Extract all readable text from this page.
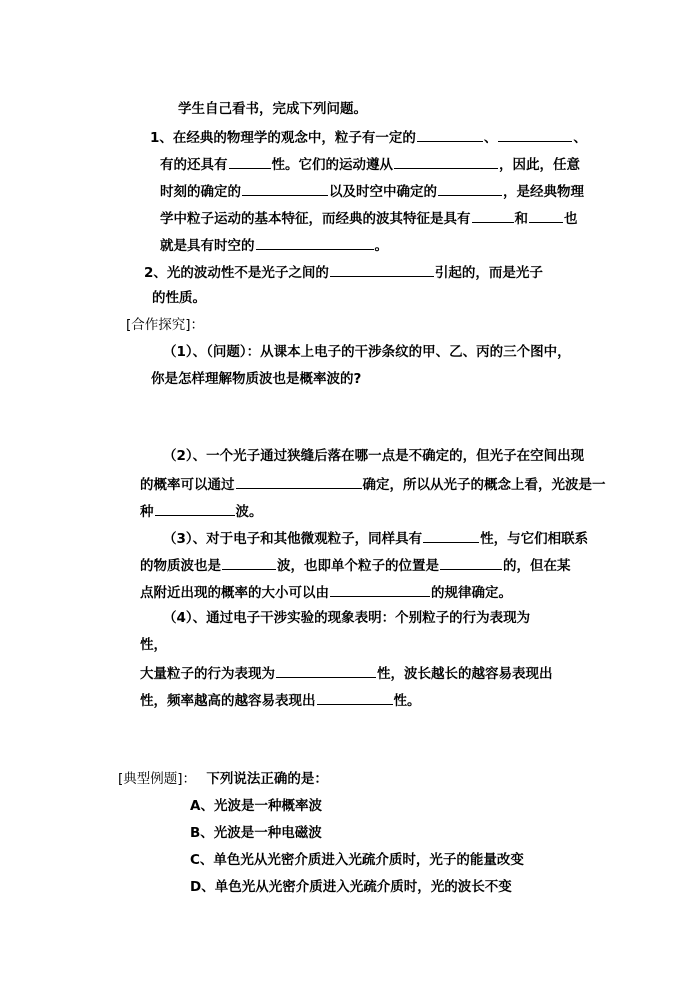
学生自己看书，完成下列问题。
1、在经典的物理学的观念中，粒子有一定的	、	、
有的还具有	性。它们的运动遵从	，因此，任意
时刻的确定的	以及时空中确定的	，是经典物理
学中粒子运动的基本特征，而经典的波其特征是具有	和	也
就是具有时空的	。
2、光的波动性不是光子之间的	引起的，而是光子
的性质。
[合作探究]：
（1）、（问题）：从课本上电子的干涉条纹的甲、乙、丙的三个图中，
你是怎样理解物质波也是概率波的?
（2）、一个光子通过狭缝后落在哪一点是不确定的，但光子在空间出现
的概率可以通过	确定，所以从光子的概念上看，光波是一
种	波。
（3）、对于电子和其他微观粒子，同样具有	性，与它们相联系
的物质波也是	波，也即单个粒子的位置是	的，但在某
点附近出现的概率的大小可以由	的规律确定。
（4）、通过电子干涉实验的现象表明：个别粒子的行为表现为
性，
大量粒子的行为表现为	性，波长越长的越容易表现出
性，频率越高的越容易表现出	性。
[典型例题]： 下列说法正确的是：
A、光波是一种概率波
B、光波是一种电磁波
C、单色光从光密介质进入光疏介质时，光子的能量改变
D、单色光从光密介质进入光疏介质时，光的波长不变
